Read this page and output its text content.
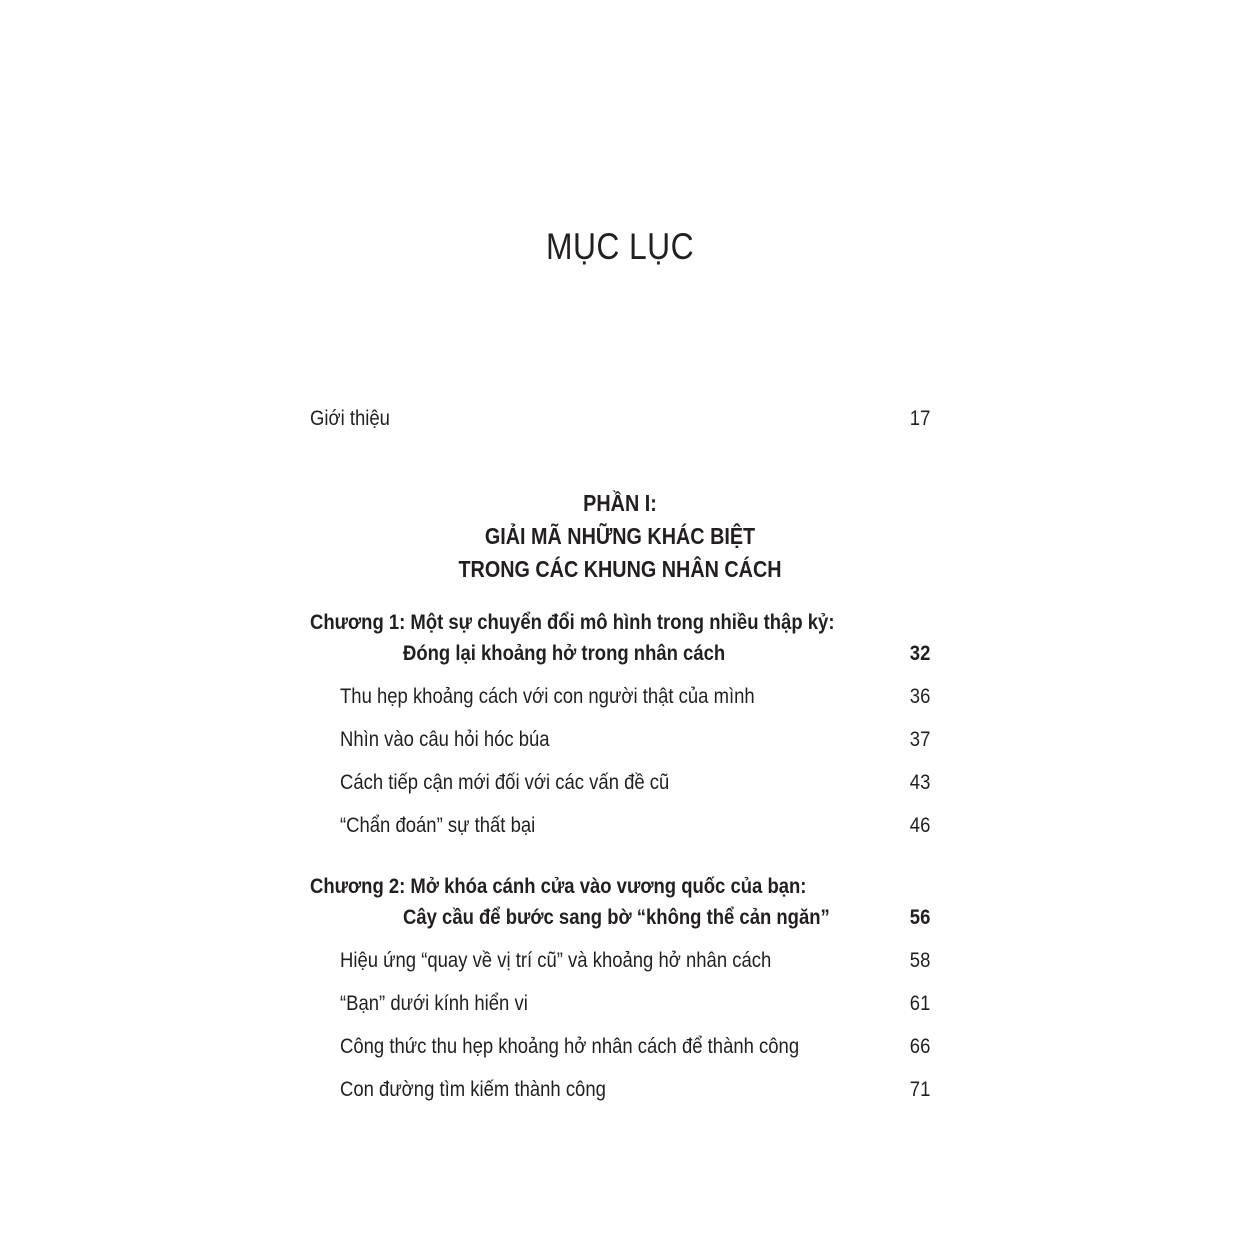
MỤC LỤC
Giới thiệu	17
PHẦN I:
GIẢI MÃ NHỮNG KHÁC BIỆT
TRONG CÁC KHUNG NHÂN CÁCH
Chương 1: Một sự chuyển đổi mô hình trong nhiều thập kỷ:
Đóng lại khoảng hở trong nhân cách	32
Thu hẹp khoảng cách với con người thật của mình	36
Nhìn vào câu hỏi hóc búa	37
Cách tiếp cận mới đối với các vấn đề cũ	43
“Chẩn đoán” sự thất bại	46
Chương 2: Mở khóa cánh cửa vào vương quốc của bạn:
Cây cầu để bước sang bờ “không thể cản ngăn”	56
Hiệu ứng “quay về vị trí cũ” và khoảng hở nhân cách	58
“Bạn” dưới kính hiển vi	61
Công thức thu hẹp khoảng hở nhân cách để thành công	66
Con đường tìm kiếm thành công	71
